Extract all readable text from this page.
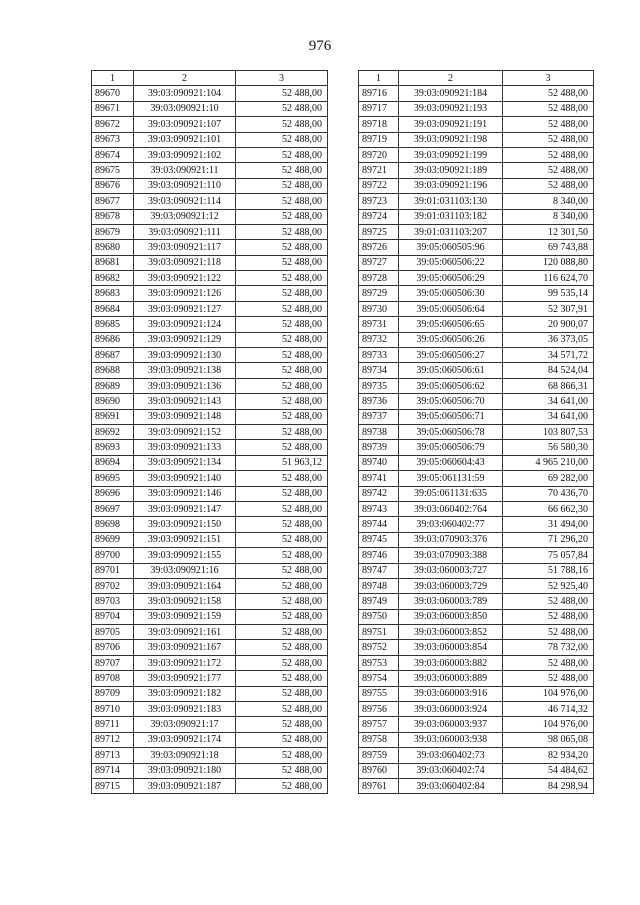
976
1	2	3
89670	39:03:090921:104	52 488,00
89671	39:03:090921:10	52 488,00
89672	39:03:090921:107	52 488,00
89673	39:03:090921:101	52 488,00
89674	39:03:090921:102	52 488,00
89675	39:03:090921:11	52 488,00
89676	39:03:090921:110	52 488,00
89677	39:03:090921:114	52 488,00
89678	39:03:090921:12	52 488,00
89679	39:03:090921:111	52 488,00
89680	39:03:090921:117	52 488,00
89681	39:03:090921:118	52 488,00
89682	39:03:090921:122	52 488,00
89683	39:03:090921:126	52 488,00
89684	39:03:090921:127	52 488,00
89685	39:03:090921:124	52 488,00
89686	39:03:090921:129	52 488,00
89687	39:03:090921:130	52 488,00
89688	39:03:090921:138	52 488,00
89689	39:03:090921:136	52 488,00
89690	39:03:090921:143	52 488,00
89691	39:03:090921:148	52 488,00
89692	39:03:090921:152	52 488,00
89693	39:03:090921:133	52 488,00
89694	39:03:090921:134	51 963,12
89695	39:03:090921:140	52 488,00
89696	39:03:090921:146	52 488,00
89697	39:03:090921:147	52 488,00
89698	39:03:090921:150	52 488,00
89699	39:03:090921:151	52 488,00
89700	39:03:090921:155	52 488,00
89701	39:03:090921:16	52 488,00
89702	39:03:090921:164	52 488,00
89703	39:03:090921:158	52 488,00
89704	39:03:090921:159	52 488,00
89705	39:03:090921:161	52 488,00
89706	39:03:090921:167	52 488,00
89707	39:03:090921:172	52 488,00
89708	39:03:090921:177	52 488,00
89709	39:03:090921:182	52 488,00
89710	39:03:090921:183	52 488,00
89711	39:03:090921:17	52 488,00
89712	39:03:090921:174	52 488,00
89713	39:03:090921:18	52 488,00
89714	39:03:090921:180	52 488,00
89715	39:03:090921:187	52 488,00
1	2	3
89716	39:03:090921:184	52 488,00
89717	39:03:090921:193	52 488,00
89718	39:03:090921:191	52 488,00
89719	39:03:090921:198	52 488,00
89720	39:03:090921:199	52 488,00
89721	39:03:090921:189	52 488,00
89722	39:03:090921:196	52 488,00
89723	39:01:031103:130	8 340,00
89724	39:01:031103:182	8 340,00
89725	39:01:031103:207	12 301,50
89726	39:05:060505:96	69 743,88
89727	39:05:060506:22	120 088,80
89728	39:05:060506:29	116 624,70
89729	39:05:060506:30	99 535,14
89730	39:05:060506:64	52 307,91
89731	39:05:060506:65	20 900,07
89732	39:05:060506:26	36 373,05
89733	39:05:060506:27	34 571,72
89734	39:05:060506:61	84 524,04
89735	39:05:060506:62	68 866,31
89736	39:05:060506:70	34 641,00
89737	39:05:060506:71	34 641,00
89738	39:05:060506:78	103 807,53
89739	39:05:060506:79	56 580,30
89740	39:05:060604:43	4 965 210,00
89741	39:05:061131:59	69 282,00
89742	39:05:061131:635	70 436,70
89743	39:03:060402:764	66 662,30
89744	39:03:060402:77	31 494,00
89745	39:03:070903:376	71 296,20
89746	39:03:070903:388	75 057,84
89747	39:03:060003:727	51 788,16
89748	39:03:060003:729	52 925,40
89749	39:03:060003:789	52 488,00
89750	39:03:060003:850	52 488,00
89751	39:03:060003:852	52 488,00
89752	39:03:060003:854	78 732,00
89753	39:03:060003:882	52 488,00
89754	39:03:060003:889	52 488,00
89755	39:03:060003:916	104 976,00
89756	39:03:060003:924	46 714,32
89757	39:03:060003:937	104 976,00
89758	39:03:060003:938	98 065,08
89759	39:03:060402:73	82 934,20
89760	39:03:060402:74	54 484,62
89761	39:03:060402:84	84 298,94
